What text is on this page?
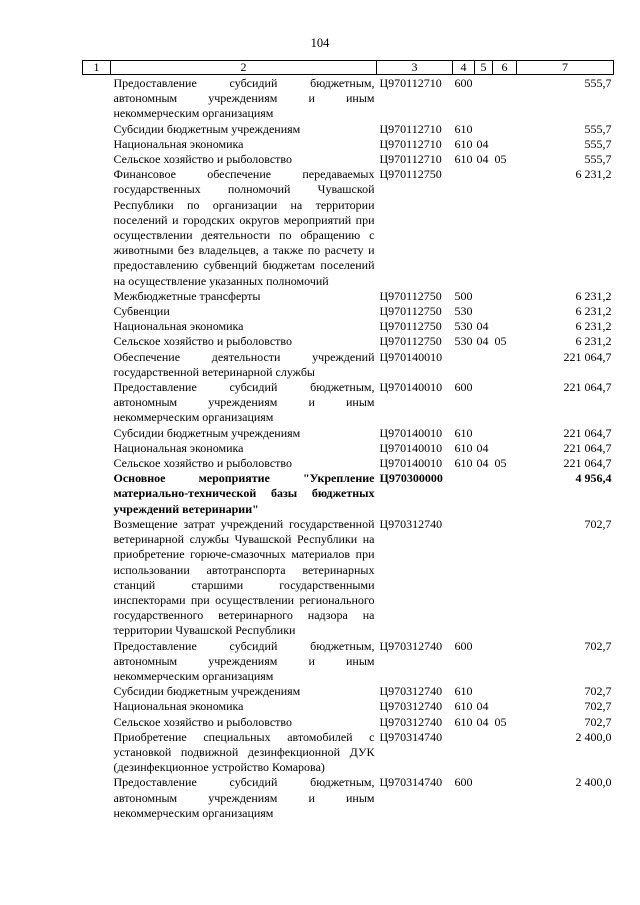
104
1	2	3	4	5	6	7
	Предоставление субсидий бюджетным, автономным учреждениям и иным некоммерческим организациям	Ц970112710	600			555,7
	Субсидии бюджетным учреждениям	Ц970112710	610			555,7
	Национальная экономика	Ц970112710	610	04		555,7
	Сельское хозяйство и рыболовство	Ц970112710	610	04	05	555,7
	Финансовое обеспечение передаваемых государственных полномочий Чувашской Республики по организации на территории поселений и городских округов мероприятий при осуществлении деятельности по обращению с животными без владельцев, а также по расчету и предоставлению субвенций бюджетам поселений на осуществление указанных полномочий	Ц970112750				6 231,2
	Межбюджетные трансферты	Ц970112750	500			6 231,2
	Субвенции	Ц970112750	530			6 231,2
	Национальная экономика	Ц970112750	530	04		6 231,2
	Сельское хозяйство и рыболовство	Ц970112750	530	04	05	6 231,2
	Обеспечение деятельности учреждений государственной ветеринарной службы	Ц970140010				221 064,7
	Предоставление субсидий бюджетным, автономным учреждениям и иным некоммерческим организациям	Ц970140010	600			221 064,7
	Субсидии бюджетным учреждениям	Ц970140010	610			221 064,7
	Национальная экономика	Ц970140010	610	04		221 064,7
	Сельское хозяйство и рыболовство	Ц970140010	610	04	05	221 064,7
	Основное мероприятие "Укрепление материально-технической базы бюджетных учреждений ветеринарии"	Ц970300000				4 956,4
	Возмещение затрат учреждений государственной ветеринарной службы Чувашской Республики на приобретение горюче-смазочных материалов при использовании автотранспорта ветеринарных станций старшими государственными инспекторами при осуществлении регионального государственного ветеринарного надзора на территории Чувашской Республики	Ц970312740				702,7
	Предоставление субсидий бюджетным, автономным учреждениям и иным некоммерческим организациям	Ц970312740	600			702,7
	Субсидии бюджетным учреждениям	Ц970312740	610			702,7
	Национальная экономика	Ц970312740	610	04		702,7
	Сельское хозяйство и рыболовство	Ц970312740	610	04	05	702,7
	Приобретение специальных автомобилей с установкой подвижной дезинфекционной ДУК (дезинфекционное устройство Комарова)	Ц970314740				2 400,0
	Предоставление субсидий бюджетным, автономным учреждениям и иным некоммерческим организациям	Ц970314740	600			2 400,0
